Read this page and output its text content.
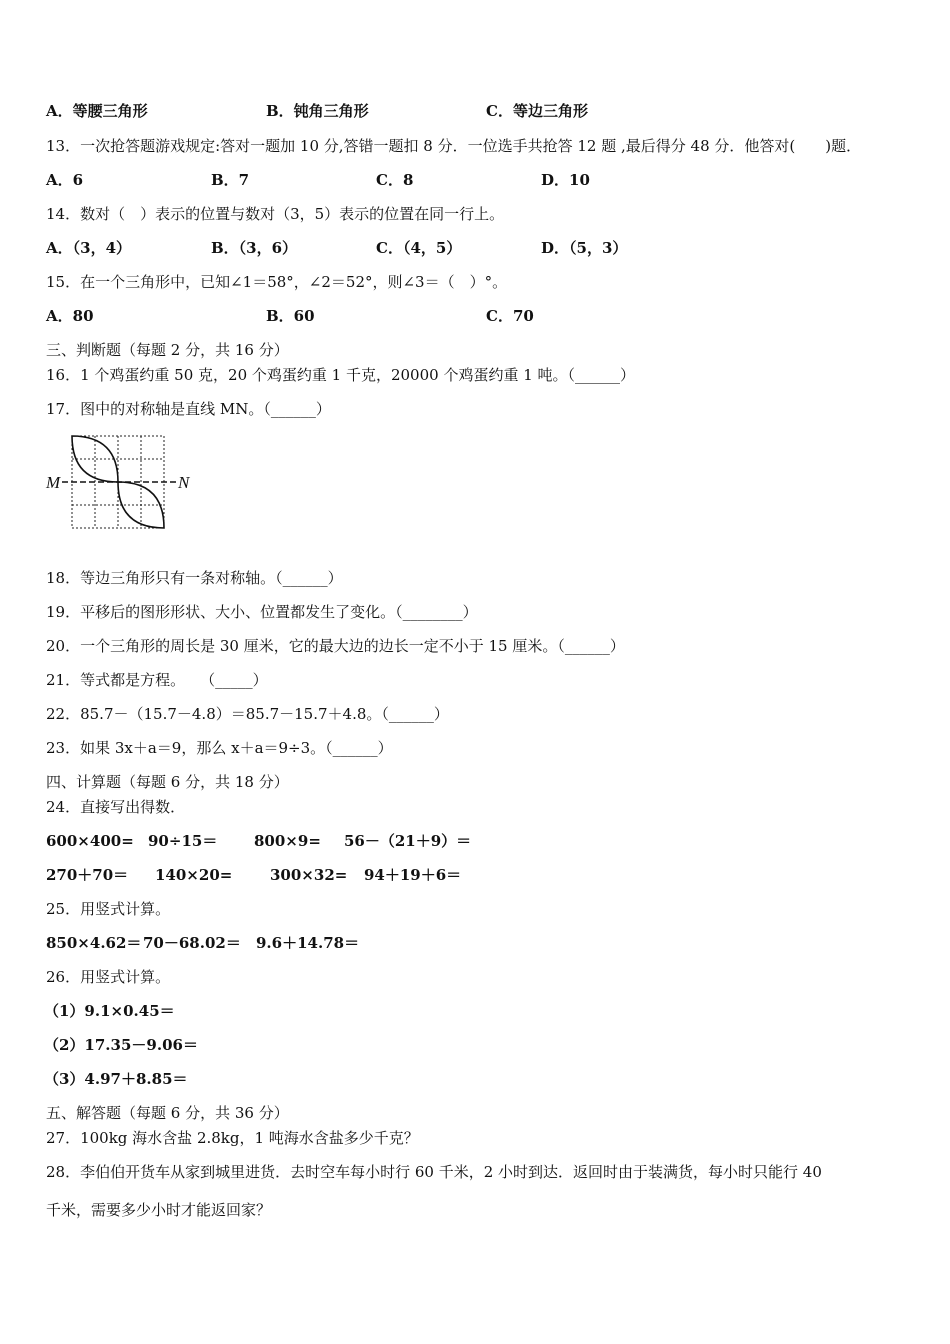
A．等腰三角形	B．钝角三角形	C．等边三角形
13．一次抢答题游戏规定:答对一题加 10 分,答错一题扣 8 分．一位选手共抢答 12 题 ,最后得分 48 分．他答对(　　)题．
A．6	B．7	C．8	D．10
14．数对（　）表示的位置与数对（3，5）表示的位置在同一行上。
A．（3，4）	B．（3，6）	C．（4，5）	D．（5，3）
15．在一个三角形中，已知∠1＝58°，∠2＝52°，则∠3＝（　）°。
A．80	B．60	C．70
三、判断题（每题 2 分，共 16 分）
16．1 个鸡蛋约重 50 克，20 个鸡蛋约重 1 千克，20000 个鸡蛋约重 1 吨。（______）
17．图中的对称轴是直线 MN。（______）
M	N
18．等边三角形只有一条对称轴。（______）
19．平移后的图形形状、大小、位置都发生了变化。（________）
20．一个三角形的周长是 30 厘米，它的最大边的边长一定不小于 15 厘米。（______）
21．等式都是方程。　　（_____）
22．85.7－（15.7－4.8）＝85.7－15.7＋4.8。（______）
23．如果 3x＋a＝9，那么 x＋a＝9÷3。（______）
四、计算题（每题 6 分，共 18 分）
24．直接写出得数．
600×400= 90÷15＝ 800×9= 56－（21＋9）＝
270＋70＝ 140×20=	300×32= 94＋19＋6＝
25．用竖式计算。
850×4.62＝ 70－68.02＝ 9.6＋14.78＝
26．用竖式计算。
（1）9.1×0.45＝
（2）17.35－9.06＝
（3）4.97＋8.85＝
五、解答题（每题 6 分，共 36 分）
27．100kg 海水含盐 2.8kg，1 吨海水含盐多少千克？
28．李伯伯开货车从家到城里进货．去时空车每小时行 60 千米，2 小时到达．返回时由于装满货，每小时只能行 40
千米，需要多少小时才能返回家？
